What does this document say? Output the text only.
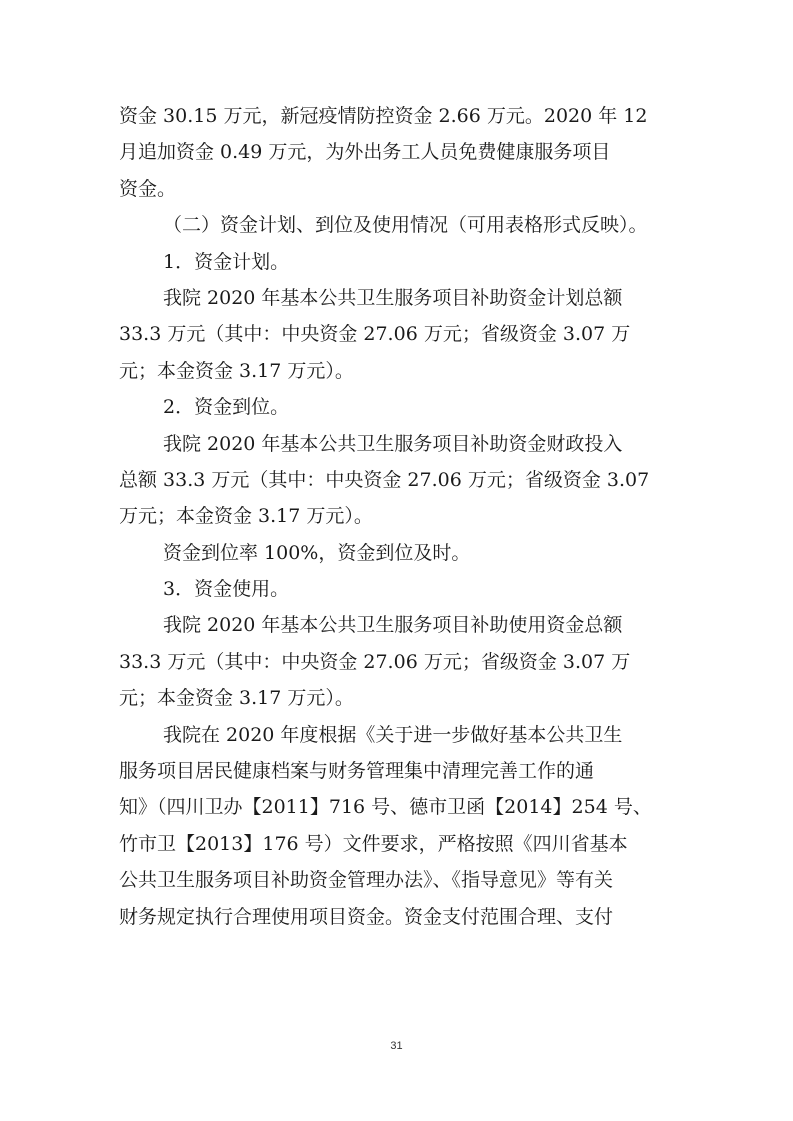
资金 30.15 万元，新冠疫情防控资金 2.66 万元。2020 年 12
月追加资金 0.49 万元，为外出务工人员免费健康服务项目
资金。
（二）资金计划、到位及使用情况（可用表格形式反映）。
1．资金计划。
我院 2020 年基本公共卫生服务项目补助资金计划总额
33.3 万元（其中：中央资金 27.06 万元；省级资金 3.07 万
元；本金资金 3.17 万元）。
2．资金到位。
我院 2020 年基本公共卫生服务项目补助资金财政投入
总额 33.3 万元（其中：中央资金 27.06 万元；省级资金 3.07
万元；本金资金 3.17 万元）。
资金到位率 100%，资金到位及时。
3．资金使用。
我院 2020 年基本公共卫生服务项目补助使用资金总额
33.3 万元（其中：中央资金 27.06 万元；省级资金 3.07 万
元；本金资金 3.17 万元）。
我院在 2020 年度根据《关于进一步做好基本公共卫生
服务项目居民健康档案与财务管理集中清理完善工作的通
知》（四川卫办【2011】716 号、德市卫函【2014】254 号、
竹市卫【2013】176 号）文件要求，严格按照《四川省基本
公共卫生服务项目补助资金管理办法》、《指导意见》等有关
财务规定执行合理使用项目资金。资金支付范围合理、支付
31
